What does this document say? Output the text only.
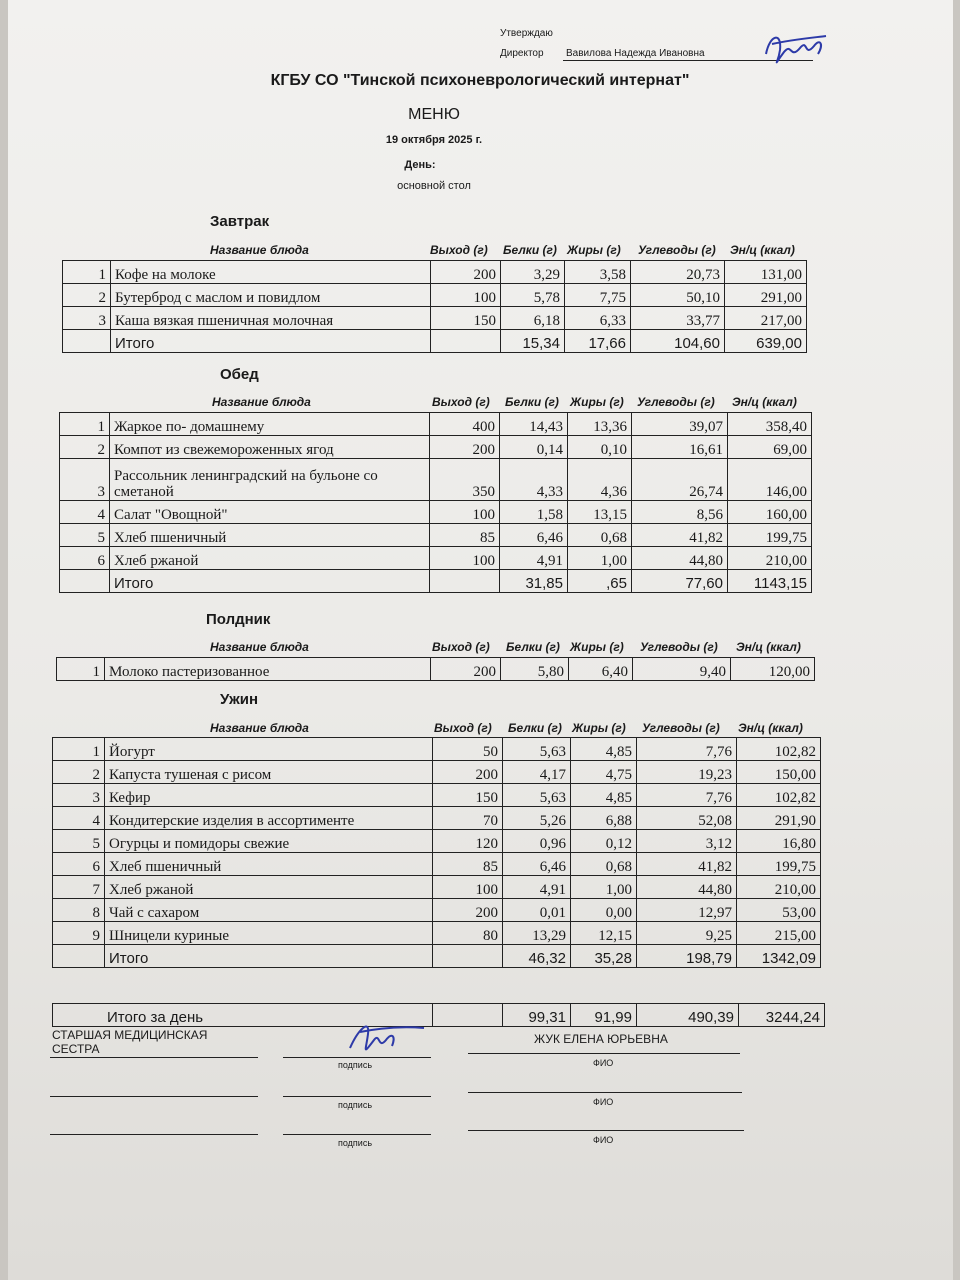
Утверждаю
Директор Вавилова Надежда Ивановна
КГБУ СО "Тинской психоневрологический интернат"
МЕНЮ
19 октября 2025 г.
День:
основной стол
Завтрак
Название блюда	Выход (г) Белки (г) Жиры (г) Углеводы (г) Эн/ц (ккал)
1	Кофе на молоке	200	3,29	3,58	20,73	131,00
2	Бутерброд с маслом и повидлом	100	5,78	7,75	50,10	291,00
3	Каша вязкая пшеничная молочная	150	6,18	6,33	33,77	217,00
	Итого		15,34	17,66	104,60	639,00
Обед
Название блюда	Выход (г) Белки (г) Жиры (г) Углеводы (г) Эн/ц (ккал)
1	Жаркое по- домашнему	400	14,43	13,36	39,07	358,40
2	Компот из свежемороженных ягод	200	0,14	0,10	16,61	69,00
3	Рассольник ленинградский на бульоне со сметаной	350	4,33	4,36	26,74	146,00
4	Салат "Овощной"	100	1,58	13,15	8,56	160,00
5	Хлеб пшеничный	85	6,46	0,68	41,82	199,75
6	Хлеб ржаной	100	4,91	1,00	44,80	210,00
	Итого		31,85	,65	77,60	1143,15
Полдник
Название блюда	Выход (г) Белки (г) Жиры (г) Углеводы (г) Эн/ц (ккал)
1	Молоко пастеризованное	200	5,80	6,40	9,40	120,00
Ужин
Название блюда	Выход (г) Белки (г) Жиры (г) Углеводы (г) Эн/ц (ккал)
1	Йогурт	50	5,63	4,85	7,76	102,82
2	Капуста тушеная с рисом	200	4,17	4,75	19,23	150,00
3	Кефир	150	5,63	4,85	7,76	102,82
4	Кондитерские изделия в ассортименте	70	5,26	6,88	52,08	291,90
5	Огурцы и помидоры свежие	120	0,96	0,12	3,12	16,80
6	Хлеб пшеничный	85	6,46	0,68	41,82	199,75
7	Хлеб ржаной	100	4,91	1,00	44,80	210,00
8	Чай с сахаром	200	0,01	0,00	12,97	53,00
9	Шницели куриные	80	13,29	12,15	9,25	215,00
	Итого		46,32	35,28	198,79	1342,09
Итого за день		99,31	91,99	490,39	3244,24
СТАРШАЯ МЕДИЦИНСКАЯ СЕСТРА
ЖУК ЕЛЕНА ЮРЬЕВНА
подпись	ФИО
подпись	ФИО
подпись	ФИО
